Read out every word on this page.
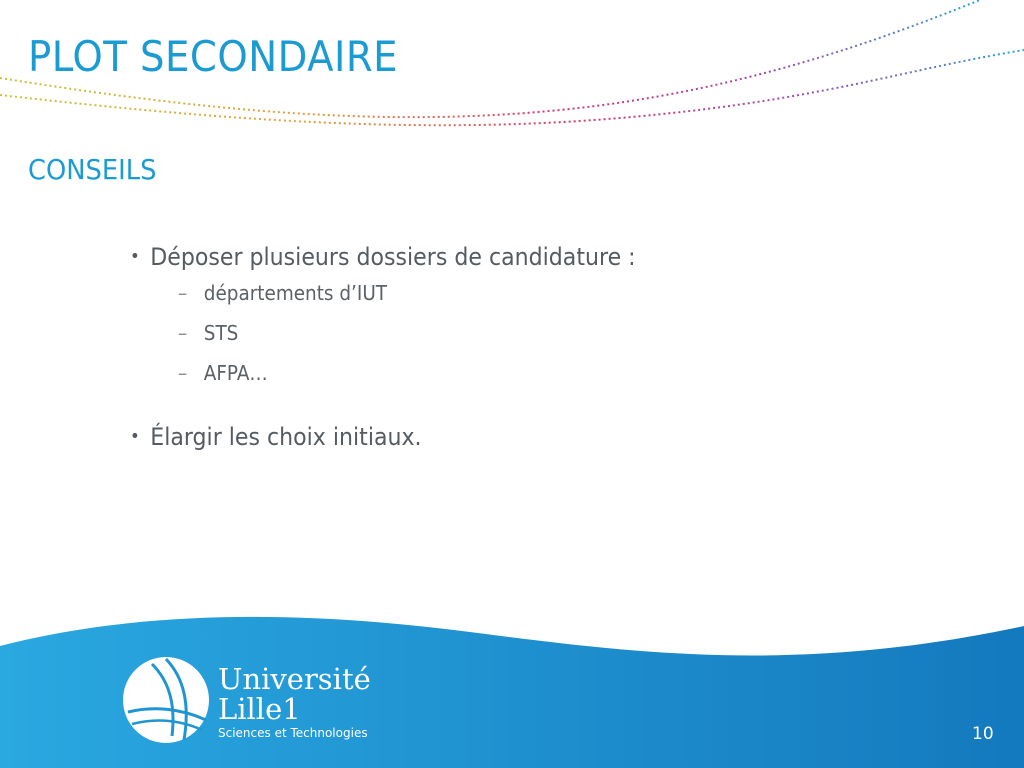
PLOT SECONDAIRE
CONSEILS
• Déposer plusieurs dossiers de candidature :
– départements d’IUT
– STS
– AFPA…
• Élargir les choix initiaux.
Université
Lille1
Sciences et Technologies	10
